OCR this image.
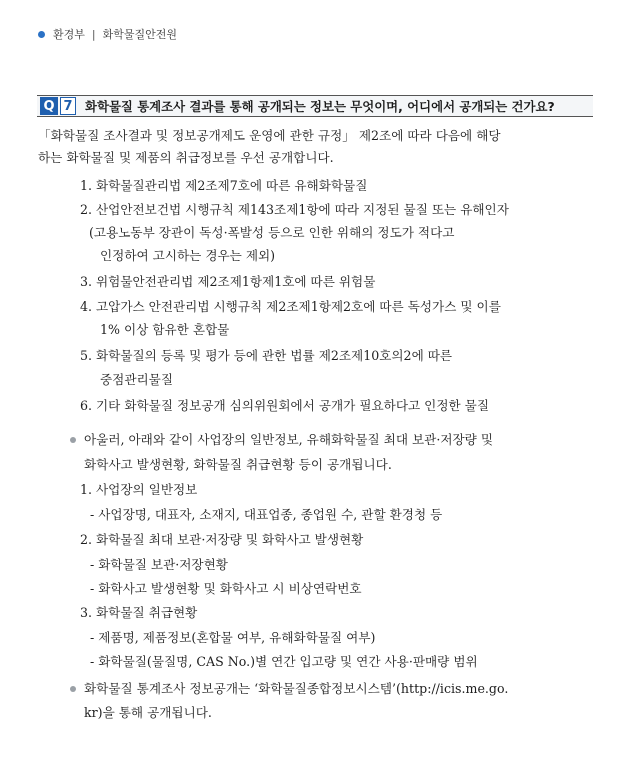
환경부 | 화학물질안전원
Q 7 화학물질 통계조사 결과를 통해 공개되는 정보는 무엇이며, 어디에서 공개되는 건가요?
「화학물질 조사결과 및 정보공개제도 운영에 관한 규정」 제2조에 따라 다음에 해당
하는 화학물질 및 제품의 취급정보를 우선 공개합니다.
1. 화학물질관리법 제2조제7호에 따른 유해화학물질
2. 산업안전보건법 시행규칙 제143조제1항에 따라 지정된 물질 또는 유해인자
(고용노동부 장관이 독성·폭발성 등으로 인한 위해의 정도가 적다고
인정하여 고시하는 경우는 제외)
3. 위험물안전관리법 제2조제1항제1호에 따른 위험물
4. 고압가스 안전관리법 시행규칙 제2조제1항제2호에 따른 독성가스 및 이를
1% 이상 함유한 혼합물
5. 화학물질의 등록 및 평가 등에 관한 법률 제2조제10호의2에 따른
중점관리물질
6. 기타 화학물질 정보공개 심의위원회에서 공개가 필요하다고 인정한 물질
아울러, 아래와 같이 사업장의 일반정보, 유해화학물질 최대 보관·저장량 및
화학사고 발생현황, 화학물질 취급현황 등이 공개됩니다.
1. 사업장의 일반정보
- 사업장명, 대표자, 소재지, 대표업종, 종업원 수, 관할 환경청 등
2. 화학물질 최대 보관·저장량 및 화학사고 발생현황
- 화학물질 보관·저장현황
- 화학사고 발생현황 및 화학사고 시 비상연락번호
3. 화학물질 취급현황
- 제품명, 제품정보(혼합물 여부, 유해화학물질 여부)
- 화학물질(물질명, CAS No.)별 연간 입고량 및 연간 사용·판매량 범위
화학물질 통계조사 정보공개는 ‘화학물질종합정보시스템’(http://icis.me.go.
kr)을 통해 공개됩니다.
